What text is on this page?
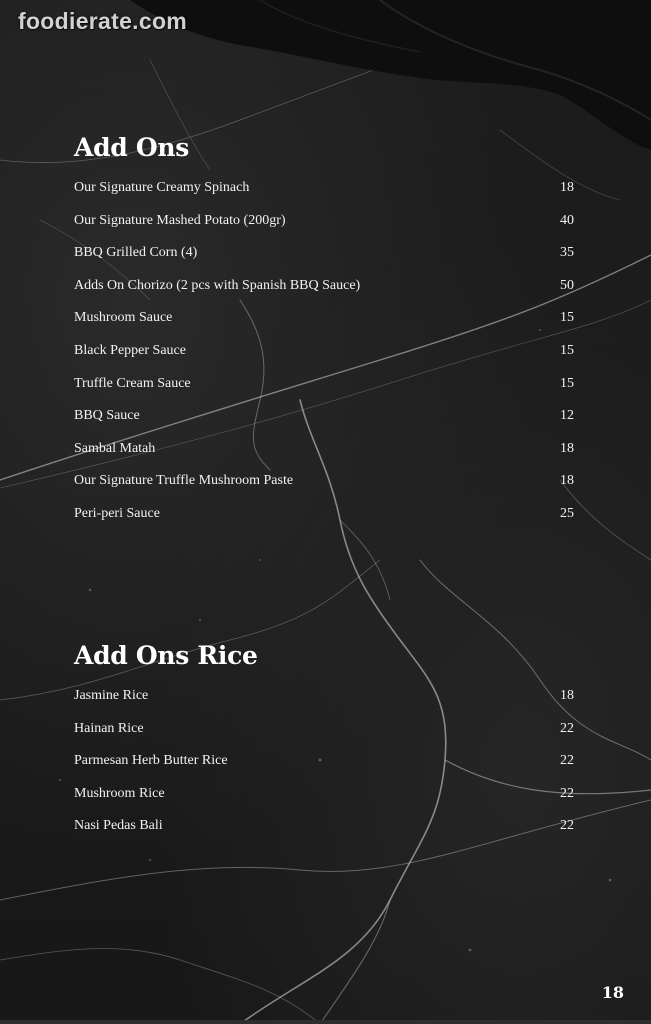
foodierate.com
Add Ons
Our Signature Creamy Spinach	18
Our Signature Mashed Potato (200gr)	40
BBQ Grilled Corn (4)	35
Adds On Chorizo (2 pcs with Spanish BBQ Sauce)	50
Mushroom Sauce	15
Black Pepper Sauce	15
Truffle Cream Sauce	15
BBQ Sauce	12
Sambal Matah	18
Our Signature Truffle Mushroom Paste	18
Peri-peri Sauce	25
Add Ons Rice
Jasmine Rice	18
Hainan Rice	22
Parmesan Herb Butter Rice	22
Mushroom Rice	22
Nasi Pedas Bali	22
18
